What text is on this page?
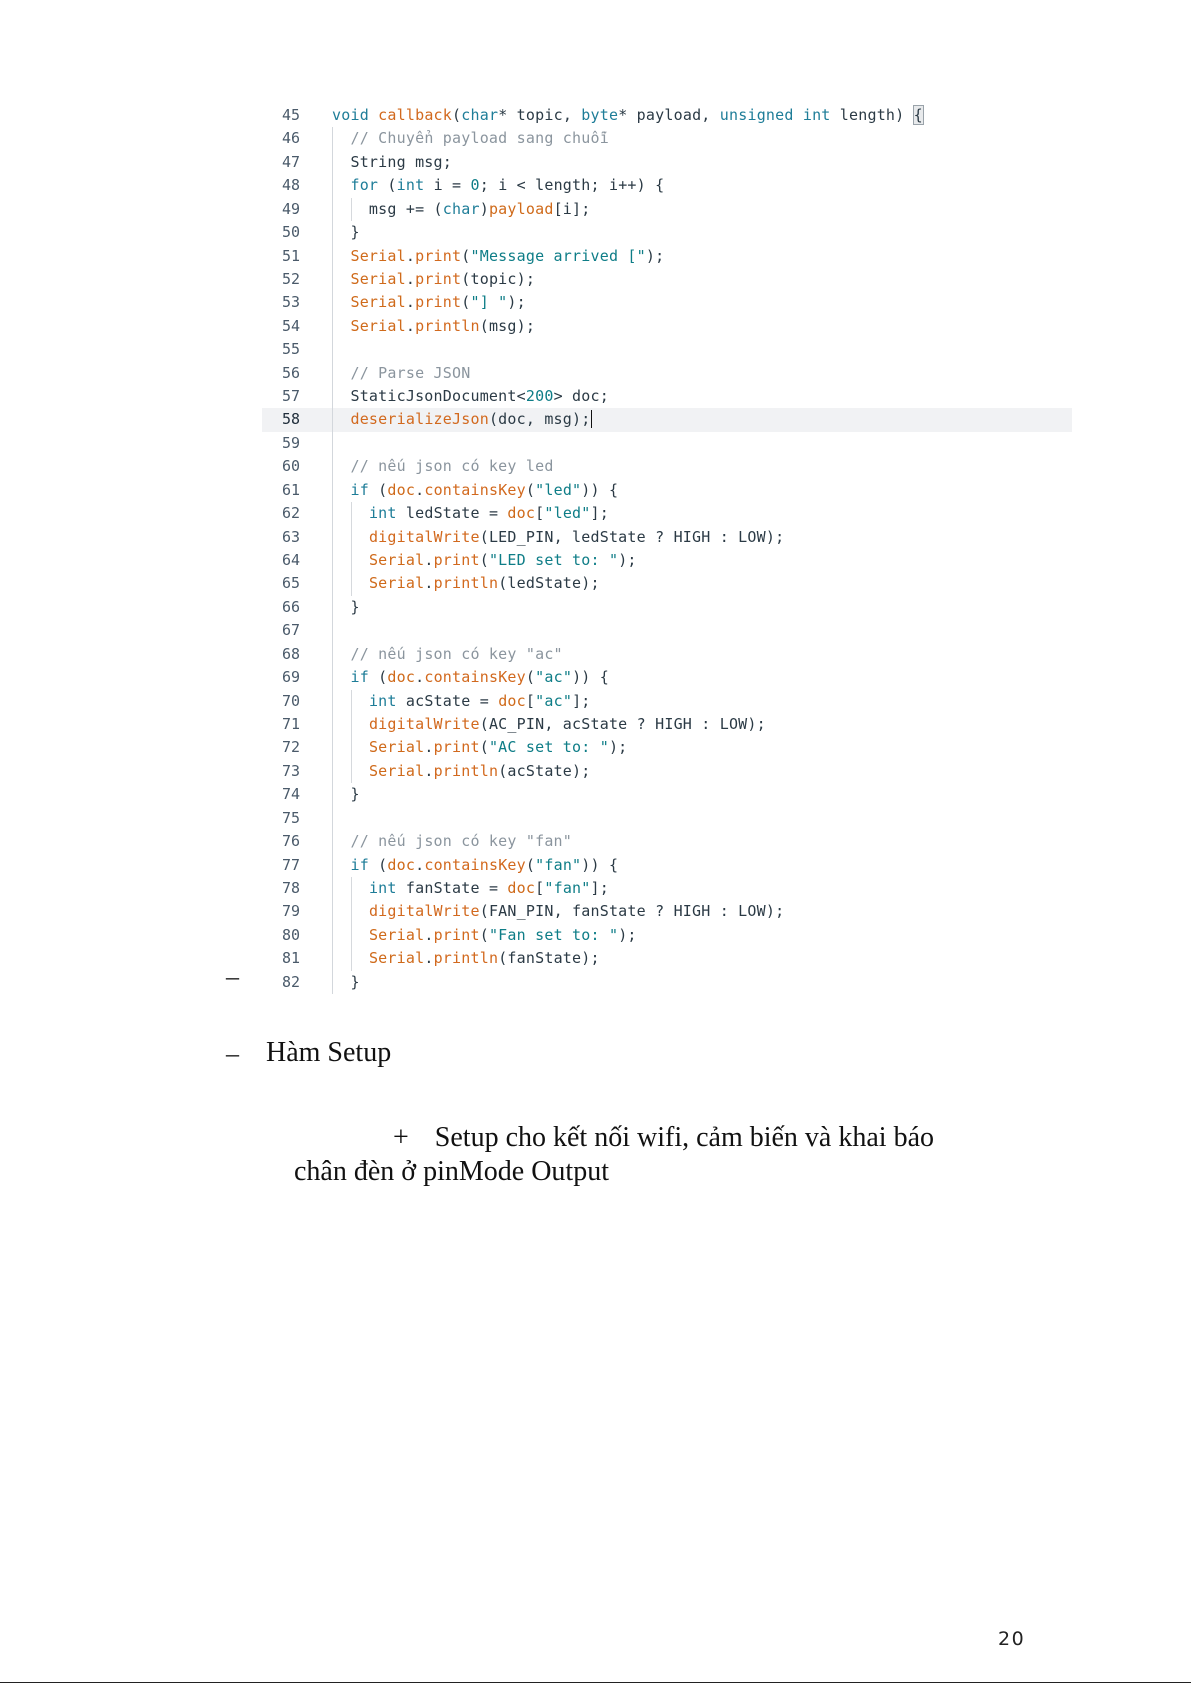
45 void callback(char* topic, byte* payload, unsigned int length) {
46	// Chuyển payload sang chuỗi
47 String msg;
48	for (int i = 0; i < length; i++) {
49 msg += (char)payload[i];
50 }
51	Serial.print("Message arrived [");
52	Serial.print(topic);
53	Serial.print("] ");
54	Serial.println(msg);
55
56	// Parse JSON
57 StaticJsonDocument<200> doc;
58	deserializeJson(doc, msg);
59
60	// nếu json có key led
61	if (doc.containsKey("led")) {
62	int ledState = doc["led"];
63	digitalWrite(LED_PIN, ledState ? HIGH : LOW);
64	Serial.print("LED set to: ");
65	Serial.println(ledState);
66 }
67
68	// nếu json có key "ac"
69	if (doc.containsKey("ac")) {
70	int acState = doc["ac"];
71	digitalWrite(AC_PIN, acState ? HIGH : LOW);
72	Serial.print("AC set to: ");
73	Serial.println(acState);
74 }
75
76	// nếu json có key "fan"
77	if (doc.containsKey("fan")) {
78	int fanState = doc["fan"];
79	digitalWrite(FAN_PIN, fanState ? HIGH : LOW);
80	Serial.print("Fan set to: ");
81	Serial.println(fanState);
82 }
–
– Hàm Setup
+ Setup cho kết nối wifi, cảm biến và khai báo
chân đèn ở pinMode Output
20
